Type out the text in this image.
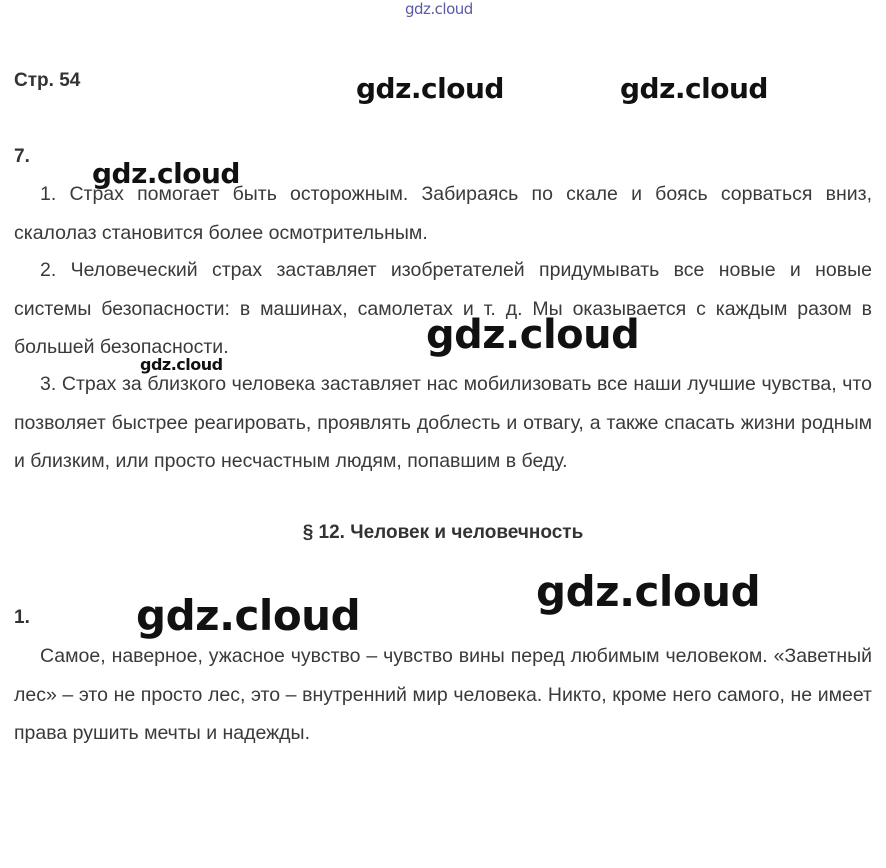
gdz.cloud
Стр. 54
7.
1. Страх помогает быть осторожным. Забираясь по скале и боясь сорваться вниз, скалолаз становится более осмотрительным.
2. Человеческий страх заставляет изобретателей придумывать все новые и новые системы безопасности: в машинах, самолетах и т. д. Мы оказывается с каждым разом в большей безопасности.
3. Страх за близкого человека заставляет нас мобилизовать все наши лучшие чувства, что позволяет быстрее реагировать, проявлять доблесть и отвагу, а также спасать жизни родным и близким, или просто несчастным людям, попавшим в беду.
§ 12. Человек и человечность
1.
Самое, наверное, ужасное чувство – чувство вины перед любимым человеком. «Заветный лес» – это не просто лес, это – внутренний мир человека. Никто, кроме него самого, не имеет права рушить мечты и надежды.
gdz.cloud	gdz.cloud
gdz.cloud
gdz.cloud
gdz.cloud
gdz.cloud
gdz.cloud
